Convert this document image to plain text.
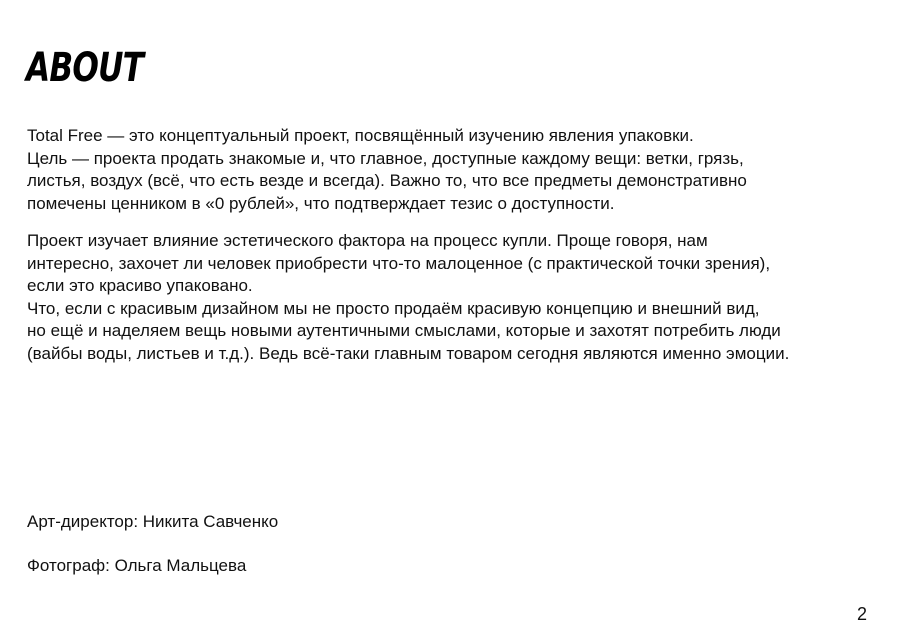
ABOUT

Total Free — это концептуальный проект, посвящённый изучению явления упаковки.
Цель — проекта продать знакомые и, что главное, доступные каждому вещи: ветки, грязь,
листья, воздух (всё, что есть везде и всегда). Важно то, что все предметы демонстративно
помечены ценником в «0 рублей», что подтверждает тезис о доступности.

Проект изучает влияние эстетического фактора на процесс купли. Проще говоря, нам
интересно, захочет ли человек приобрести что-то малоценное (с практической точки зрения),
если это красиво упаковано.
Что, если с красивым дизайном мы не просто продаём красивую концепцию и внешний вид,
но ещё и наделяем вещь новыми аутентичными смыслами, которые и захотят потребить люди
(вайбы воды, листьев и т.д.). Ведь всё-таки главным товаром сегодня являются именно эмоции.

Арт-директор: Никита Савченко

Фотограф: Ольга Мальцева

2
